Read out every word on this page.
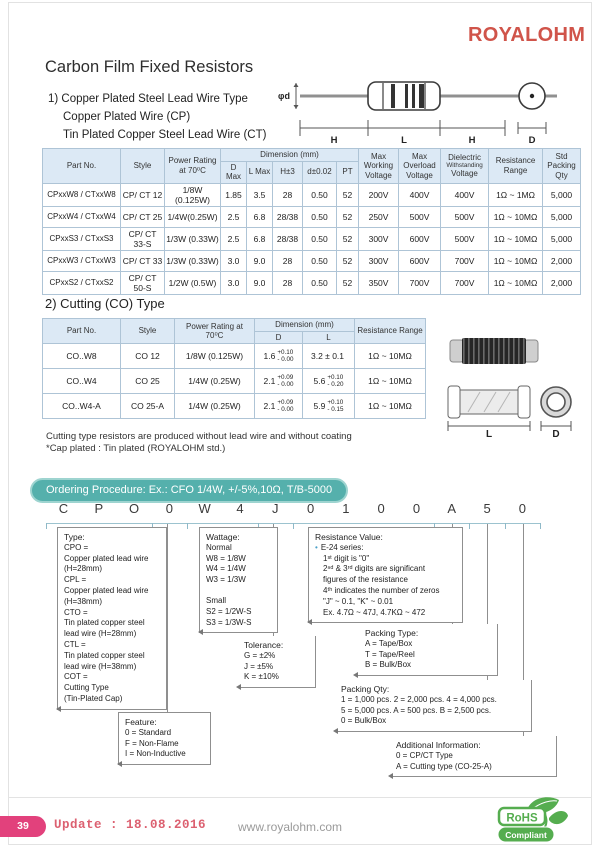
ROYALOHM
Carbon Film Fixed Resistors
1) Copper Plated Steel Lead Wire Type
Copper Plated Wire (CP)
Tin Plated Copper Steel Lead Wire (CT)
φd
H	L	H	D
Part No.	Style	Power Rating at 70⁰C	Dimension (mm)					Max Working Voltage	Max Overload Voltage	Dielectric
Withstanding
Voltage	Resistance Range	Std Packing Qty
			D Max	L Max	H±3	d±0.02	PT					
CPxxW8 / CTxxW8	CP/ CT 12	1/8W (0.125W)	1.85	3.5	28	0.50	52	200V	400V	400V	1Ω ~ 1MΩ	5,000
CPxxW4 / CTxxW4	CP/ CT 25	1/4W(0.25W)	2.5	6.8	28/38	0.50	52	250V	500V	500V	1Ω ~ 10MΩ	5,000
CPxxS3 / CTxxS3	CP/ CT 33-S	1/3W (0.33W)	2.5	6.8	28/38	0.50	52	300V	600V	500V	1Ω ~ 10MΩ	5,000
CPxxW3 / CTxxW3	CP/ CT 33	1/3W (0.33W)	3.0	9.0	28	0.50	52	300V	600V	700V	1Ω ~ 10MΩ	2,000
CPxxS2 / CTxxS2	CP/ CT 50-S	1/2W (0.5W)	3.0	9.0	28	0.50	52	350V	700V	700V	1Ω ~ 10MΩ	2,000
2) Cutting (CO) Type
Part No.	Style	Power Rating at 70⁰C	Dimension (mm)		Resistance Range
			D	L	
CO..W8	CO 12	1/8W (0.125W)	1.6 +0.10
- 0.00	3.2 ± 0.1	1Ω ~ 10MΩ
CO..W4	CO 25	1/4W (0.25W)	2.1 +0.09
- 0.00	5.6 +0.10
- 0.20	1Ω ~ 10MΩ
CO..W4-A	CO 25-A	1/4W (0.25W)	2.1 +0.09
- 0.00	5.9 +0.10
- 0.15	1Ω ~ 10MΩ
Cutting type resistors are produced without lead wire and without coating
*Cap plated : Tin plated (ROYALOHM std.)
L	D
Ordering Procedure: Ex.: CFO 1/4W, +/-5%,10Ω, T/B-5000
C	P	O	0	W	4	J	0	1	0	0	A	5	0
Type:
CPO =
Copper plated lead wire
(H=28mm)
CPL =
Copper plated lead wire
(H=38mm)
CTO =
Tin plated copper steel
lead wire (H=28mm)
CTL =
Tin plated copper steel
lead wire (H=38mm)
COT =
Cutting Type
(Tin-Plated Cap)
Wattage:
Normal
W8 = 1/8W
W4 = 1/4W
W3 = 1/3W
Small
S2 = 1/2W-S
S3 = 1/3W-S
Tolerance:
G = ±2%
J = ±5%
K = ±10%
Resistance Value:
• E-24 series:
1ˢᵗ digit is "0"
2ⁿᵈ & 3ʳᵈ digits are significant
figures of the resistance
4ᵗʰ indicates the number of zeros
"J" ~ 0.1, "K" ~ 0.01
Ex. 4.7Ω ~ 47J, 4.7KΩ ~ 472
Packing Type:
A = Tape/Box
T = Tape/Reel
B = Bulk/Box
Packing Qty:
1 = 1,000 pcs. 2 = 2,000 pcs. 4 = 4,000 pcs.
5 = 5,000 pcs. A = 500 pcs. B = 2,500 pcs.
0 = Bulk/Box
Feature:
0 = Standard
F = Non-Flame
I = Non-Inductive
Additional Information:
0 = CP/CT Type
A = Cutting type (CO-25-A)
39	Update : 18.08.2016	www.royalohm.com
RoHS
Compliant
